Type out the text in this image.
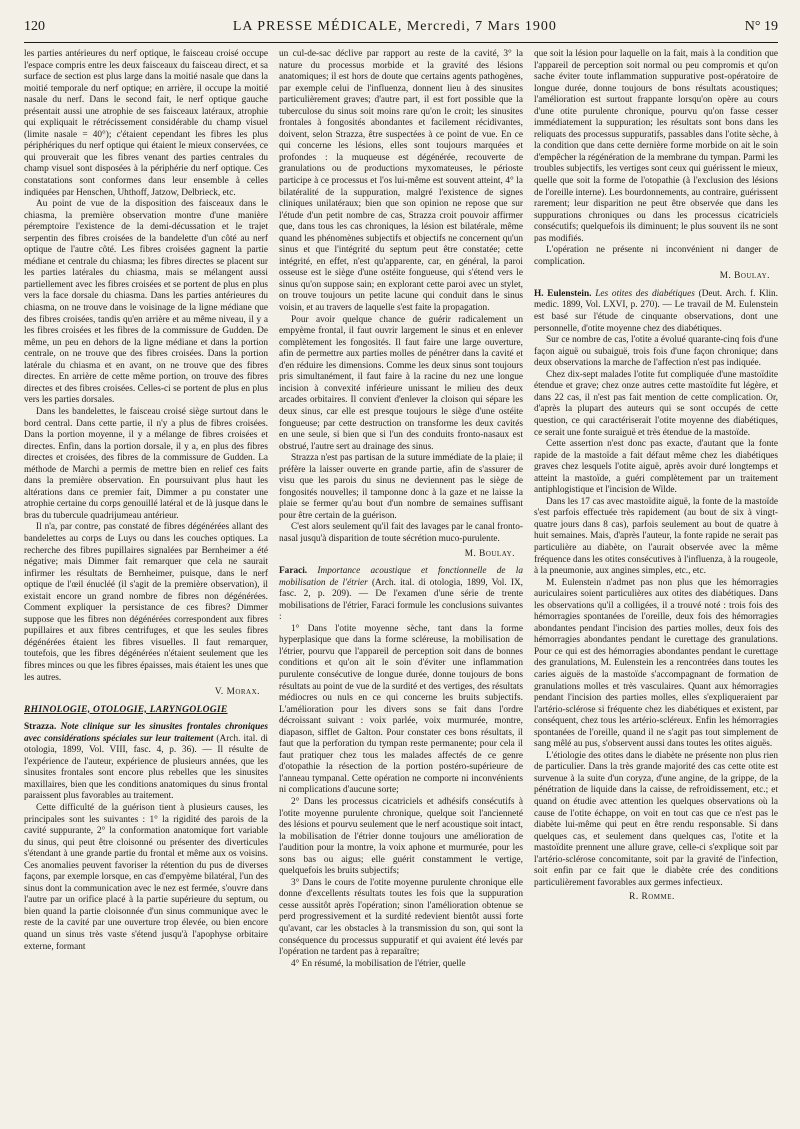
120	LA PRESSE MÉDICALE, Mercredi, 7 Mars 1900	N° 19

les parties antérieures du nerf optique, le faisceau croisé occupe l'espace compris entre les deux faisceaux du faisceau direct, et sa surface de section est plus large dans la moitié nasale que dans la moitié temporale du nerf optique; en arrière, il occupe la moitié nasale du nerf. Dans le second fait, le nerf optique gauche présentait aussi une atrophie de ses faisceaux latéraux, atrophie qui expliquait le rétrécissement considérable du champ visuel (limite nasale = 40°); c'étaient cependant les fibres les plus périphériques du nerf optique qui étaient le mieux conservées, ce qui prouverait que les fibres venant des parties centrales du champ visuel sont disposées à la périphérie du nerf optique. Ces constatations sont conformes dans leur ensemble à celles indiquées par Henschen, Uhthoff, Jatzow, Delbrieck, etc.

Au point de vue de la disposition des faisceaux dans le chiasma, la première observation montre d'une manière péremptoire l'existence de la demi-décussation et le trajet serpentin des fibres croisées de la bandelette d'un côté au nerf optique de l'autre côté. Les fibres croisées gagnent la partie médiane et centrale du chiasma; les fibres directes se placent sur les parties latérales du chiasma, mais se mélangent aussi partiellement avec les fibres croisées et se portent de plus en plus vers la face dorsale du chiasma. Dans les parties antérieures du chiasma, on ne trouve dans le voisinage de la ligne médiane que des fibres croisées, tandis qu'en arrière et au même niveau, il y a les fibres croisées et les fibres de la commissure de Gudden. De même, un peu en dehors de la ligne médiane et dans la portion centrale, on ne trouve que des fibres croisées. Dans la portion latérale du chiasma et en avant, on ne trouve que des fibres directes. En arrière de cette même portion, on trouve des fibres directes et des fibres croisées. Celles-ci se portent de plus en plus vers les parties dorsales.

Dans les bandelettes, le faisceau croisé siège surtout dans le bord central. Dans cette partie, il n'y a plus de fibres croisées. Dans la portion moyenne, il y a mélange de fibres croisées et directes. Enfin, dans la portion dorsale, il y a, en plus des fibres directes et croisées, des fibres de la commissure de Gudden. La méthode de Marchi a permis de mettre bien en relief ces faits dans la première observation. En poursuivant plus haut les altérations dans ce premier fait, Dimmer a pu constater une atrophie certaine du corps genouillé latéral et de là jusque dans le bras du tubercule quadrijumeau antérieur.

Il n'a, par contre, pas constaté de fibres dégénérées allant des bandelettes au corps de Luys ou dans les couches optiques. La recherche des fibres pupillaires signalées par Bernheimer a été négative; mais Dimmer fait remarquer que cela ne saurait infirmer les résultats de Bernheimer, puisque, dans le nerf optique de l'œil énucléé (il s'agit de la première observation), il existait encore un grand nombre de fibres non dégénérées. Comment expliquer la persistance de ces fibres? Dimmer suppose que les fibres non dégénérées correspondent aux fibres pupillaires et aux fibres centrifuges, et que les seules fibres dégénérées étaient les fibres visuelles. Il faut remarquer, toutefois, que les fibres dégénérées n'étaient seulement que les fibres minces ou que les fibres épaisses, mais étaient les unes que les autres.

V. Morax.

RHINOLOGIE, OTOLOGIE, LARYNGOLOGIE

Strazza. Note clinique sur les sinusites frontales chroniques avec considérations spéciales sur leur traitement (Arch. ital. di otologia, 1899, Vol. VIII, fasc. 4, p. 36). — Il résulte de l'expérience de l'auteur, expérience de plusieurs années, que les sinusites frontales sont encore plus rebelles que les sinusites maxillaires, bien que les conditions anatomiques du sinus frontal paraissent plus favorables au traitement.

Cette difficulté de la guérison tient à plusieurs causes, les principales sont les suivantes : 1° la rigidité des parois de la cavité suppurante, 2° la conformation anatomique fort variable du sinus, qui peut être cloisonné ou présenter des diverticules s'étendant à une grande partie du frontal et même aux os voisins. Ces anomalies peuvent favoriser la rétention du pus de diverses façons, par exemple lorsque, en cas d'empyème bilatéral, l'un des sinus dont la communication avec le nez est fermée, s'ouvre dans l'autre par un orifice placé à la partie supérieure du septum, ou bien quand la partie cloisonnée d'un sinus communique avec le reste de la cavité par une ouverture trop élevée, ou bien encore quand un sinus très vaste s'étend jusqu'à l'apophyse orbitaire externe, formant

un cul-de-sac déclive par rapport au reste de la cavité, 3° la nature du processus morbide et la gravité des lésions anatomiques; il est hors de doute que certains agents pathogènes, par exemple celui de l'influenza, donnent lieu à des sinusites particulièrement graves; d'autre part, il est fort possible que la tuberculose du sinus soit moins rare qu'on le croit; les sinusites frontales à fongosités abondantes et facilement récidivantes, doivent, selon Strazza, être suspectées à ce point de vue. En ce qui concerne les lésions, elles sont toujours marquées et profondes : la muqueuse est dégénérée, recouverte de granulations ou de productions myxomateuses, le périoste participe à ce processus et l'os lui-même est souvent atteint, 4° la bilatéralité de la suppuration, malgré l'existence de signes cliniques unilatéraux; bien que son opinion ne repose que sur l'étude d'un petit nombre de cas, Strazza croit pouvoir affirmer que, dans tous les cas chroniques, la lésion est bilatérale, même quand les phénomènes subjectifs et objectifs ne concernent qu'un sinus et que l'intégrité du septum peut être constatée; cette intégrité, en effet, n'est qu'apparente, car, en général, la paroi osseuse est le siège d'une ostéite fongueuse, qui s'étend vers le sinus qu'on suppose sain; en explorant cette paroi avec un stylet, on trouve toujours un petite lacune qui conduit dans le sinus voisin, et au travers de laquelle s'est faite la propagation.

Pour avoir quelque chance de guérir radicalement un empyème frontal, il faut ouvrir largement le sinus et en enlever complètement les fongosités. Il faut faire une large ouverture, afin de permettre aux parties molles de pénétrer dans la cavité et d'en réduire les dimensions. Comme les deux sinus sont toujours pris simultanément, il faut faire à la racine du nez une longue incision à convexité inférieure unissant le milieu des deux arcades orbitaires. Il convient d'enlever la cloison qui sépare les deux sinus, car elle est presque toujours le siège d'une ostéite fongueuse; par cette destruction on transforme les deux cavités en une seule, si bien que si l'un des conduits fronto-nasaux est obstrué, l'autre sert au drainage des sinus.

Strazza n'est pas partisan de la suture immédiate de la plaie; il préfère la laisser ouverte en grande partie, afin de s'assurer de visu que les parois du sinus ne deviennent pas le siège de fongosités nouvelles; il tamponne donc à la gaze et ne laisse la plaie se fermer qu'au bout d'un nombre de semaines suffisant pour être certain de la guérison.

C'est alors seulement qu'il fait des lavages par le canal fronto-nasal jusqu'à disparition de toute sécrétion muco-purulente.

M. Boulay.

Faraci. Importance acoustique et fonctionnelle de la mobilisation de l'étrier (Arch. ital. di otologia, 1899, Vol. IX, fasc. 2, p. 209). — De l'examen d'une série de trente mobilisations de l'étrier, Faraci formule les conclusions suivantes :

1° Dans l'otite moyenne sèche, tant dans la forme hyperplasique que dans la forme scléreuse, la mobilisation de l'étrier, pourvu que l'appareil de perception soit dans de bonnes conditions et qu'on ait le soin d'éviter une inflammation purulente consécutive de longue durée, donne toujours de bons résultats au point de vue de la surdité et des vertiges, des résultats médiocres ou nuls en ce qui concerne les bruits subjectifs. L'amélioration pour les divers sons se fait dans l'ordre décroissant suivant : voix parlée, voix murmurée, montre, diapason, sifflet de Galton. Pour constater ces bons résultats, il faut que la perforation du tympan reste permanente; pour cela il faut pratiquer chez tous les malades affectés de ce genre d'otopathie la résection de la portion postéro-supérieure de l'anneau tympanal. Cette opération ne comporte ni inconvénients ni complications d'aucune sorte;

2° Dans les processus cicatriciels et adhésifs consécutifs à l'otite moyenne purulente chronique, quelque soit l'ancienneté des lésions et pourvu seulement que le nerf acoustique soit intact, la mobilisation de l'étrier donne toujours une amélioration de l'audition pour la montre, la voix aphone et murmurée, pour les sons bas ou aigus; elle guérit constamment le vertige, quelquefois les bruits subjectifs;

3° Dans le cours de l'otite moyenne purulente chronique elle donne d'excellents résultats toutes les fois que la suppuration cesse aussitôt après l'opération; sinon l'amélioration obtenue se perd progressivement et la surdité redevient bientôt aussi forte qu'avant, car les obstacles à la transmission du son, qui sont la conséquence du processus suppuratif et qui avaient été levés par l'opération ne tardent pas à reparaître;

4° En résumé, la mobilisation de l'étrier, quelle

que soit la lésion pour laquelle on la fait, mais à la condition que l'appareil de perception soit normal ou peu compromis et qu'on sache éviter toute inflammation suppurative post-opératoire de longue durée, donne toujours de bons résultats acoustiques; l'amélioration est surtout frappante lorsqu'on opère au cours d'une otite purulente chronique, pourvu qu'on fasse cesser immédiatement la suppuration; les résultats sont bons dans les reliquats des processus suppuratifs, passables dans l'otite sèche, à la condition que dans cette dernière forme morbide on ait le soin d'empêcher la régénération de la membrane du tympan. Parmi les troubles subjectifs, les vertiges sont ceux qui guérissent le mieux, quelle que soit la forme de l'otopathie (à l'exclusion des lésions de l'oreille interne). Les bourdonnements, au contraire, guérissent rarement; leur disparition ne peut être observée que dans les suppurations chroniques ou dans les processus cicatriciels consécutifs; quelquefois ils diminuent; le plus souvent ils ne sont pas modifiés.

L'opération ne présente ni inconvénient ni danger de complication.

M. Boulay.

H. Eulenstein. Les otites des diabétiques (Deut. Arch. f. Klin. medic. 1899, Vol. LXVI, p. 270). — Le travail de M. Eulenstein est basé sur l'étude de cinquante observations, dont une personnelle, d'otite moyenne chez des diabétiques.

Sur ce nombre de cas, l'otite a évolué quarante-cinq fois d'une façon aiguë ou subaiguë, trois fois d'une façon chronique; dans deux observations la marche de l'affection n'est pas indiquée.

Chez dix-sept malades l'otite fut compliquée d'une mastoïdite étendue et grave; chez onze autres cette mastoïdite fut légère, et dans 22 cas, il n'est pas fait mention de cette complication. Or, d'après la plupart des auteurs qui se sont occupés de cette question, ce qui caractériserait l'otite moyenne des diabétiques, ce serait une fonte suraiguë et très étendue de la mastoïde.

Cette assertion n'est donc pas exacte, d'autant que la fonte rapide de la mastoïde a fait défaut même chez les diabétiques graves chez lesquels l'otite aiguë, après avoir duré longtemps et atteint la mastoïde, a guéri complètement par un traitement antiphlogistique et l'incision de Wilde.

Dans les 17 cas avec mastoïdite aiguë, la fonte de la mastoïde s'est parfois effectuée très rapidement (au bout de six à vingt-quatre jours dans 8 cas), parfois seulement au bout de quatre à huit semaines. Mais, d'après l'auteur, la fonte rapide ne serait pas particulière au diabète, on l'aurait observée avec la même fréquence dans les otites consécutives à l'influenza, à la rougeole, à la pneumonie, aux angines simples, etc., etc.

M. Eulenstein n'admet pas non plus que les hémorragies auriculaires soient particulières aux otites des diabétiques. Dans les observations qu'il a colligées, il a trouvé noté : trois fois des hémorragies spontanées de l'oreille, deux fois des hémorragies abondantes pendant l'incision des parties molles, deux fois des hémorragies abondantes pendant le curettage des granulations. Pour ce qui est des hémorragies abondantes pendant le curettage des granulations, M. Eulenstein les a rencontrées dans toutes les caries aiguës de la mastoïde s'accompagnant de formation de granulations molles et très vasculaires. Quant aux hémorragies pendant l'incision des parties molles, elles s'expliqueraient par l'artério-sclérose si fréquente chez les diabétiques et existent, par conséquent, chez tous les artério-scléreux. Enfin les hémorragies spontanées de l'oreille, quand il ne s'agit pas tout simplement de sang mêlé au pus, s'observent aussi dans toutes les otites aiguës.

L'étiologie des otites dans le diabète ne présente non plus rien de particulier. Dans la très grande majorité des cas cette otite est survenue à la suite d'un coryza, d'une angine, de la grippe, de la pénétration de liquide dans la caisse, de refroidissement, etc.; et quand on étudie avec attention les quelques observations où la cause de l'otite échappe, on voit en tout cas que ce n'est pas le diabète lui-même qui peut en être rendu responsable. Si dans quelques cas, et seulement dans quelques cas, l'otite et la mastoïdite prennent une allure grave, celle-ci s'explique soit par l'artério-sclérose concomitante, soit par la gravité de l'infection, soit enfin par ce fait que le diabète crée des conditions particulièrement favorables aux germes infectieux.

R. Romme.
